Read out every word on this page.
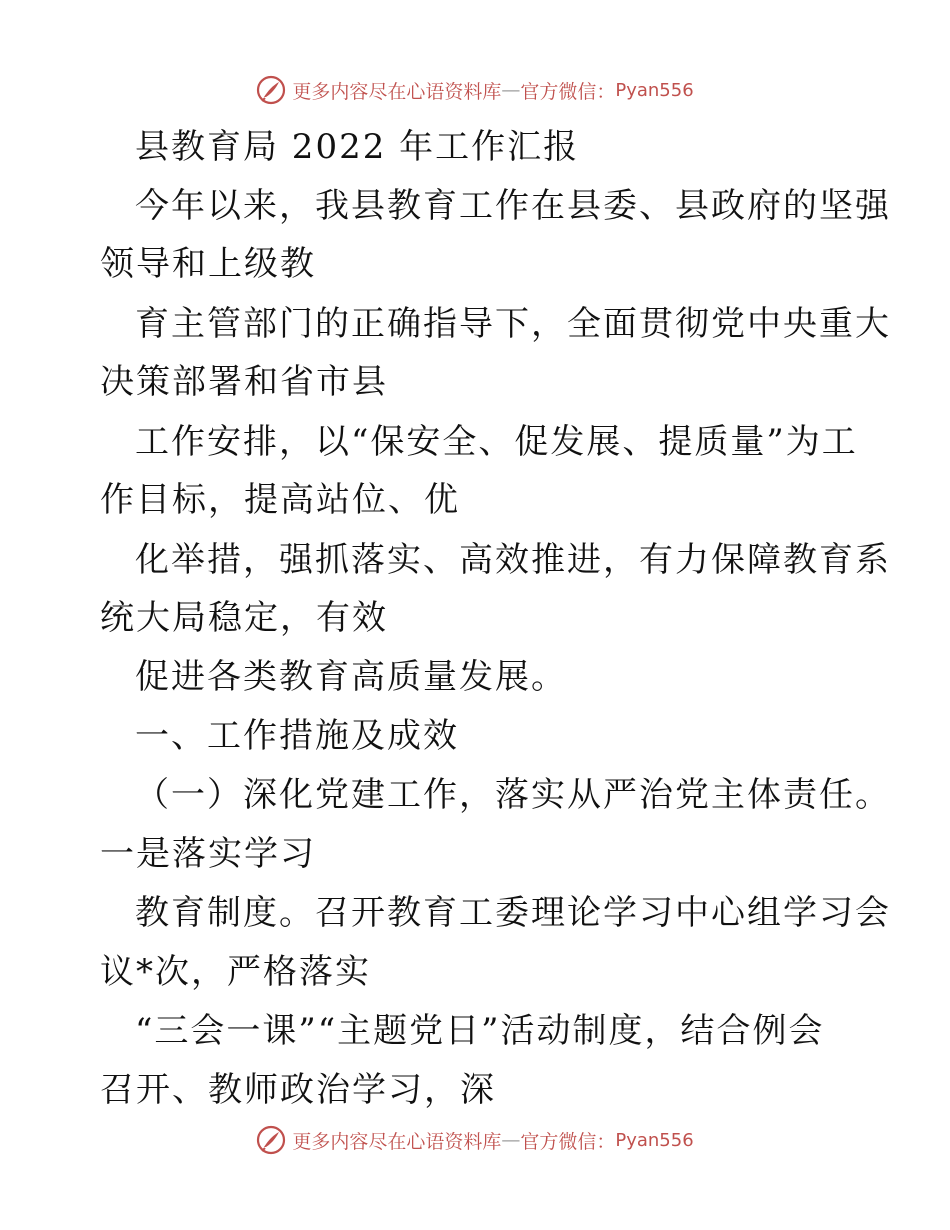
更多内容尽在心语资料库 — 官方微信： Pyan556
县教育局 2022 年工作汇报
今年以来，我县教育工作在县委、县政府的坚强
领导和上级教
育主管部门的正确指导下，全面贯彻党中央重大
决策部署和省市县
工作安排，以“保安全、促发展、提质量”为工
作目标，提高站位、优
化举措，强抓落实、高效推进，有力保障教育系
统大局稳定，有效
促进各类教育高质量发展。
一、工作措施及成效
（一）深化党建工作，落实从严治党主体责任。
一是落实学习
教育制度。召开教育工委理论学习中心组学习会
议*次，严格落实
“三会一课”“主题党日”活动制度，结合例会
召开、教师政治学习，深
更多内容尽在心语资料库 — 官方微信： Pyan556
